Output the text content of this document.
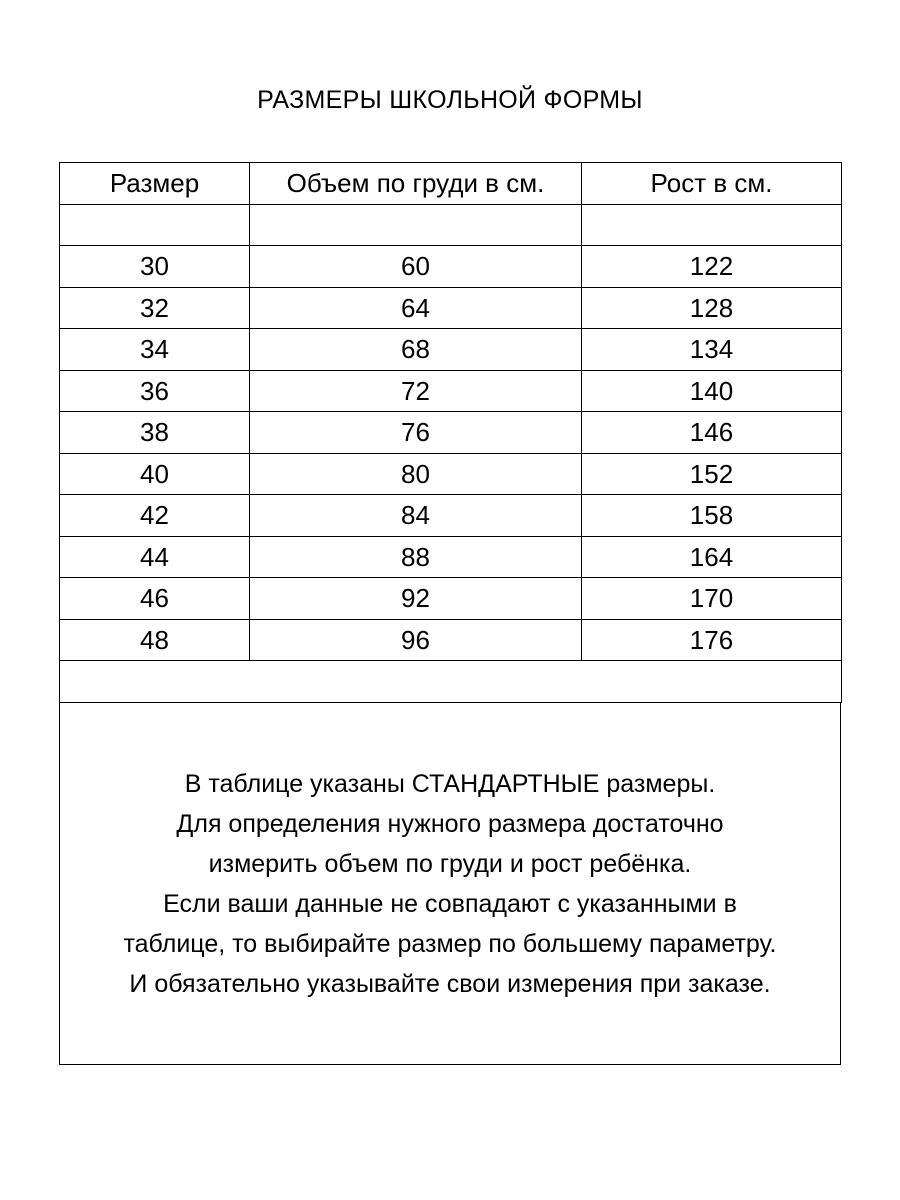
РАЗМЕРЫ ШКОЛЬНОЙ ФОРМЫ
Размер	Объем по груди в см.	Рост в см.

30	60	122
32	64	128
34	68	134
36	72	140
38	76	146
40	80	152
42	84	158
44	88	164
46	92	170
48	96	176

В таблице указаны СТАНДАРТНЫЕ размеры.
Для определения нужного размера достаточно
измерить объем по груди и рост ребёнка.
Если ваши данные не совпадают с указанными в
таблице, то выбирайте размер по большему параметру.
И обязательно указывайте свои измерения при заказе.
